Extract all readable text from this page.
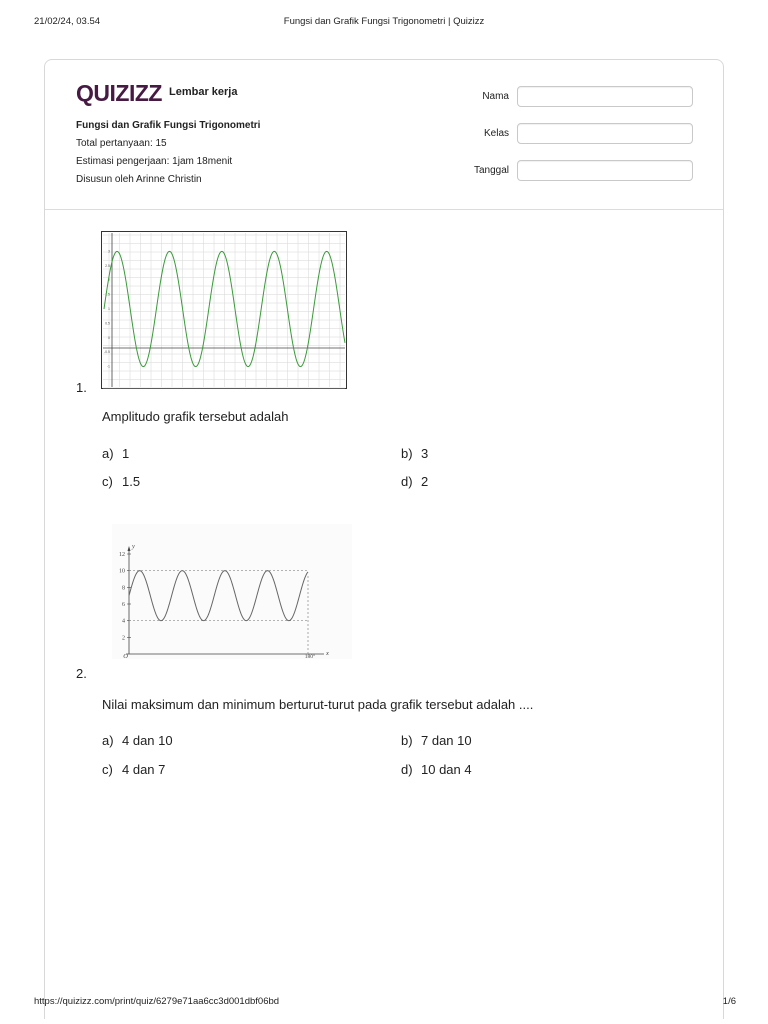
21/02/24, 03.54	Fungsi dan Grafik Fungsi Trigonometri | Quizizz
QUIZIZZ Lembar kerja
Fungsi dan Grafik Fungsi Trigonometri
Total pertanyaan: 15
Estimasi pengerjaan: 1jam 18menit
Disusun oleh Arinne Christin
Nama
Kelas
Tanggal
3
2.5
2
1.5
1
0.5
0
-0.5
-1
1.
Amplitudo grafik tersebut adalah
a) 1	b) 3
c) 1.5	d) 2
12
10
8
6
4
2
O	180° x
y
2.
Nilai maksimum dan minimum berturut-turut pada grafik tersebut adalah ....
a) 4 dan 10	b) 7 dan 10
c) 4 dan 7	d) 10 dan 4
https://quizizz.com/print/quiz/6279e71aa6cc3d001dbf06bd	1/6
